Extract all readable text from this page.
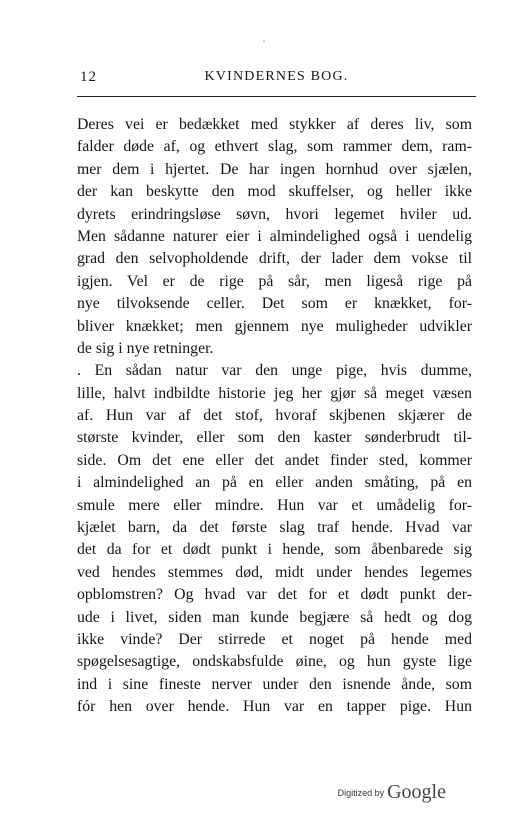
12	KVINDERNES BOG.
Deres vei er bedækket med stykker af deres liv, som
falder døde af, og ethvert slag, som rammer dem, ram-
mer dem i hjertet. De har ingen hornhud over sjælen,
der kan beskytte den mod skuffelser, og heller ikke
dyrets erindringsløse søvn, hvori legemet hviler ud.
Men sådanne naturer eier i almindelighed også i uendelig
grad den selvopholdende drift, der lader dem vokse til
igjen. Vel er de rige på sår, men ligeså rige på
nye tilvoksende celler. Det som er knækket, for-
bliver knækket; men gjennem nye muligheder udvikler
de sig i nye retninger.
. En sådan natur var den unge pige, hvis dumme,
lille, halvt indbildte historie jeg her gjør så meget væsen
af. Hun var af det stof, hvoraf skjbenen skjærer de
største kvinder, eller som den kaster sønderbrudt til-
side. Om det ene eller det andet finder sted, kommer
i almindelighed an på en eller anden småting, på en
smule mere eller mindre. Hun var et umådelig for-
kjælet barn, da det første slag traf hende. Hvad var
det da for et dødt punkt i hende, som åbenbarede sig
ved hendes stemmes død, midt under hendes legemes
opblomstren? Og hvad var det for et dødt punkt der-
ude i livet, siden man kunde begjære så hedt og dog
ikke vinde? Der stirrede et noget på hende med
spøgelsesagtige, ondskabsfulde øine, og hun gyste lige
ind i sine fineste nerver under den isnende ånde, som
fór hen over hende. Hun var en tapper pige. Hun
Digitized by Google
